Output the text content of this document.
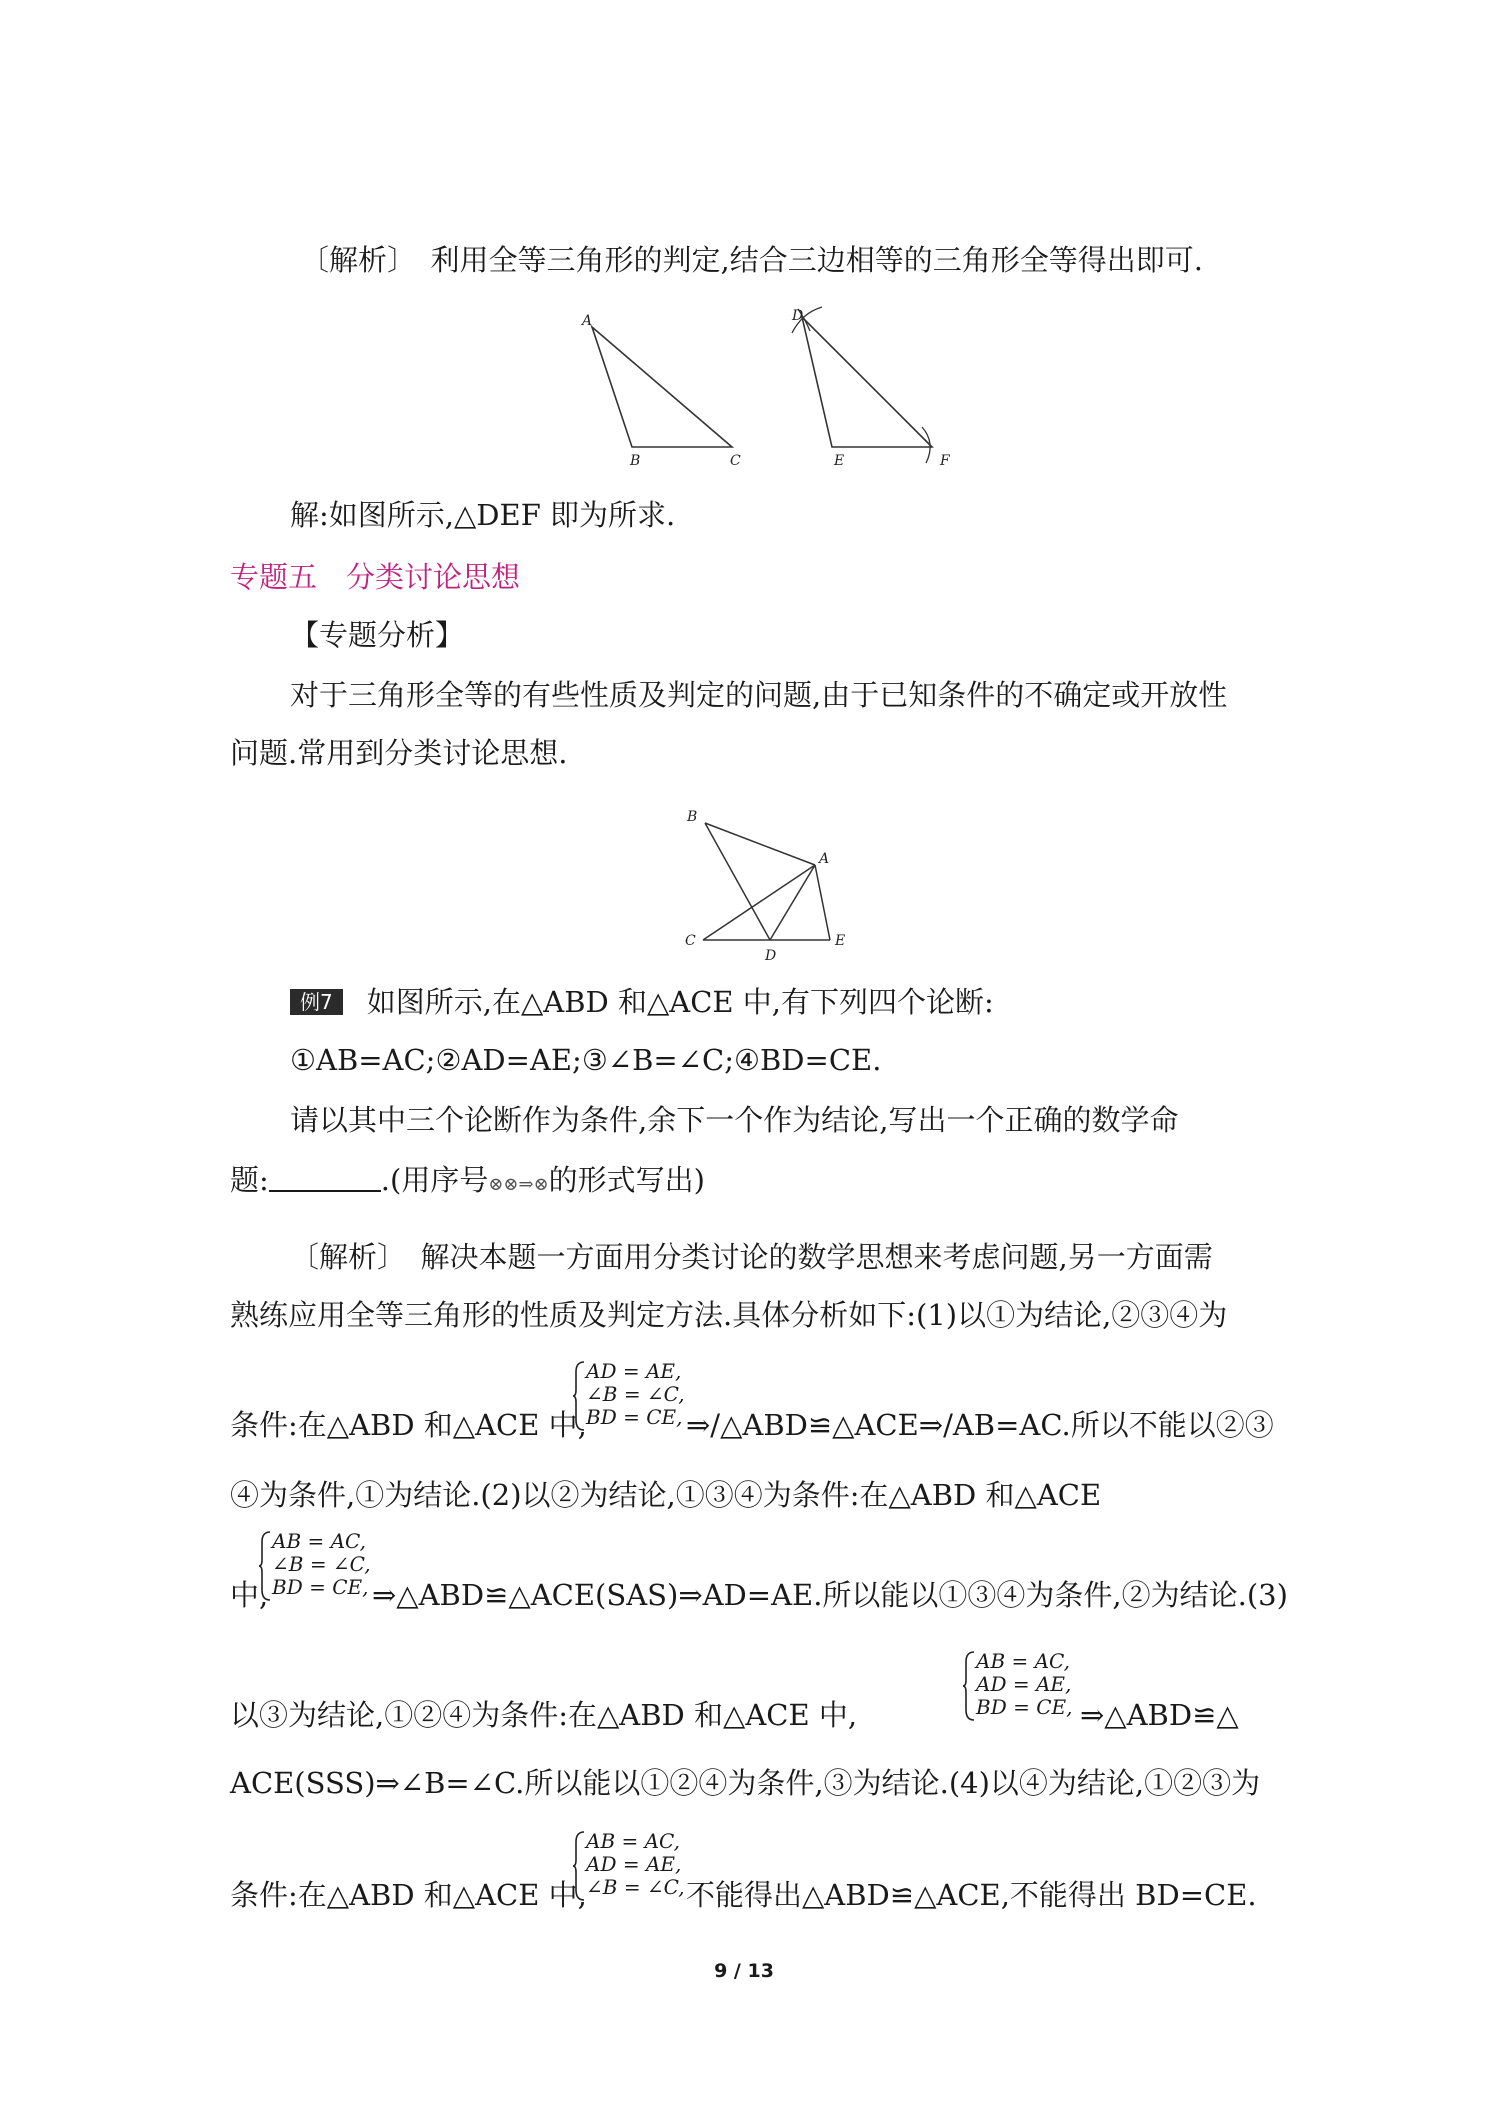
〔解析〕　利用全等三角形的判定,结合三边相等的三角形全等得出即可.
A
B	C
D
E	F
解:如图所示,△DEF 即为所求.
专题五　分类讨论思想
【专题分析】
对于三角形全等的有些性质及判定的问题,由于已知条件的不确定或开放性
问题.常用到分类讨论思想.
B
A
C
D
E
例7 如图所示,在△ABD 和△ACE 中,有下列四个论断:
①AB=AC;②AD=AE;③∠B=∠C;④BD=CE.
请以其中三个论断作为条件,余下一个作为结论,写出一个正确的数学命
题:	.(用序号⊗⊗⇒⊗的形式写出)
〔解析〕　解决本题一方面用分类讨论的数学思想来考虑问题,另一方面需
熟练应用全等三角形的性质及判定方法.具体分析如下:(1)以①为结论,②③④为
AD = AE,
∠B = ∠C,
BD = CE,
条件:在△ABD 和△ACE 中,	⇒/△ABD≌△ACE⇒/AB=AC.所以不能以②③
④为条件,①为结论.(2)以②为结论,①③④为条件:在△ABD 和△ACE
AB = AC,
∠B = ∠C,
BD = CE,
中,	⇒△ABD≌△ACE(SAS)⇒AD=AE.所以能以①③④为条件,②为结论.(3)
AB = AC,
AD = AE,
BD = CE,
以③为结论,①②④为条件:在△ABD 和△ACE 中,	⇒△ABD≌△
ACE(SSS)⇒∠B=∠C.所以能以①②④为条件,③为结论.(4)以④为结论,①②③为
AB = AC,
AD = AE,
∠B = ∠C,
条件:在△ABD 和△ACE 中,	不能得出△ABD≌△ACE,不能得出 BD=CE.
9 / 13
